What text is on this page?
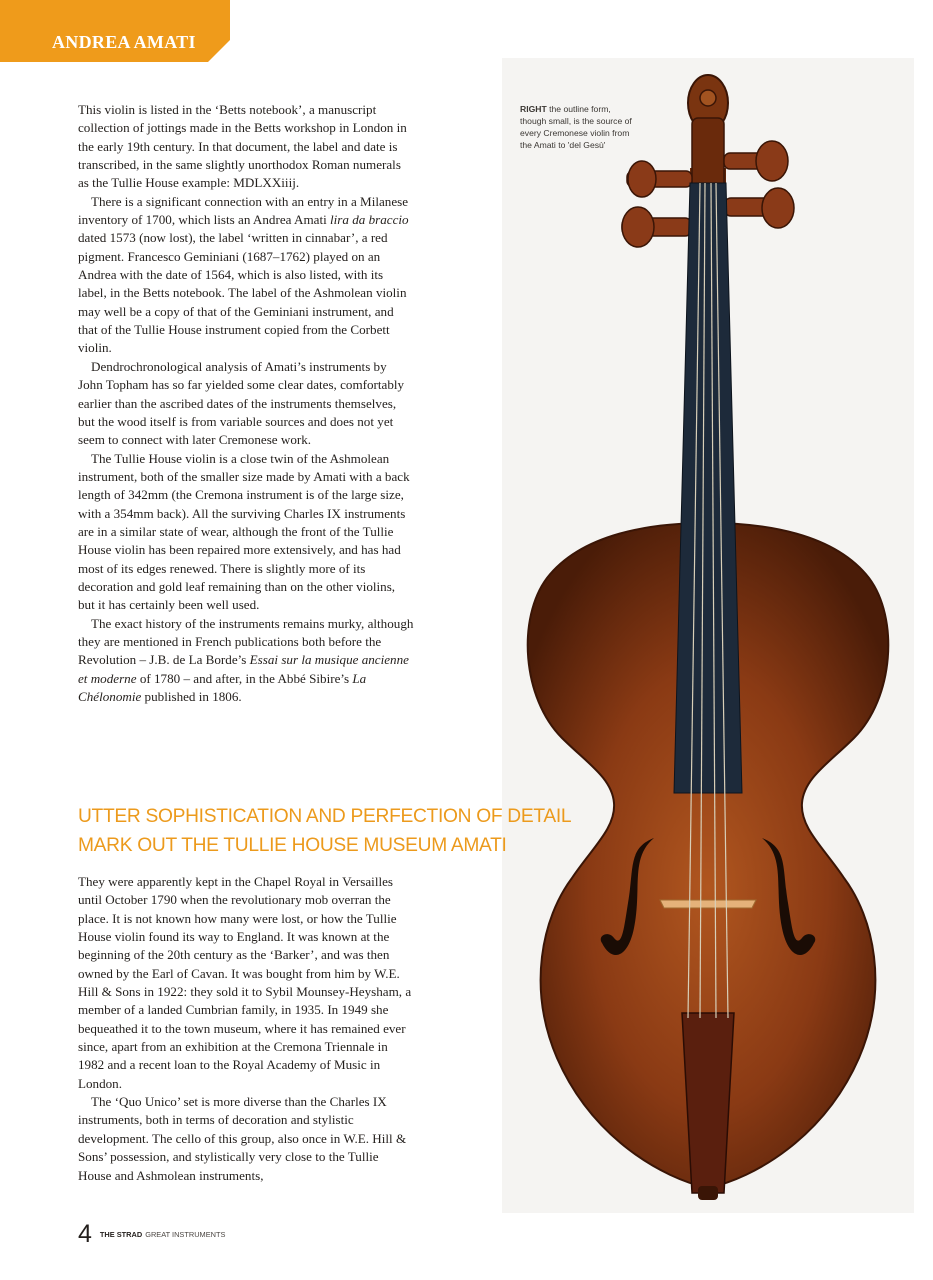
ANDREA AMATI
RIGHT the outline form, though small, is the source of every Cremonese violin from the Amati to 'del Gesù'

This violin is listed in the ‘Betts notebook’, a manuscript collection of jottings made in the Betts workshop in London in the early 19th century. In that document, the label and date is transcribed, in the same slightly unorthodox Roman numerals as the Tullie House example: MDLXXiiij.

There is a significant connection with an entry in a Milanese inventory of 1700, which lists an Andrea Amati lira da braccio dated 1573 (now lost), the label ‘written in cinnabar’, a red pigment. Francesco Geminiani (1687–1762) played on an Andrea with the date of 1564, which is also listed, with its label, in the Betts notebook. The label of the Ashmolean violin may well be a copy of that of the Geminiani instrument, and that of the Tullie House instrument copied from the Corbett violin.

Dendrochronological analysis of Amati’s instruments by John Topham has so far yielded some clear dates, comfortably earlier than the ascribed dates of the instruments themselves, but the wood itself is from variable sources and does not yet seem to connect with later Cremonese work.

The Tullie House violin is a close twin of the Ashmolean instrument, both of the smaller size made by Amati with a back length of 342mm (the Cremona instrument is of the large size, with a 354mm back). All the surviving Charles IX instruments are in a similar state of wear, although the front of the Tullie House violin has been repaired more extensively, and has had most of its edges renewed. There is slightly more of its decoration and gold leaf remaining than on the other violins, but it has certainly been well used.

The exact history of the instruments remains murky, although they are mentioned in French publications both before the Revolution – J.B. de La Borde’s Essai sur la musique ancienne et moderne of 1780 – and after, in the Abbé Sibire’s La Chélonomie published in 1806.

UTTER SOPHISTICATION AND PERFECTION OF DETAIL
MARK OUT THE TULLIE HOUSE MUSEUM AMATI

They were apparently kept in the Chapel Royal in Versailles until October 1790 when the revolutionary mob overran the place. It is not known how many were lost, or how the Tullie House violin found its way to England. It was known at the beginning of the 20th century as the ‘Barker’, and was then owned by the Earl of Cavan. It was bought from him by W.E. Hill & Sons in 1922: they sold it to Sybil Mounsey-Heysham, a member of a landed Cumbrian family, in 1935. In 1949 she bequeathed it to the town museum, where it has remained ever since, apart from an exhibition at the Cremona Triennale in 1982 and a recent loan to the Royal Academy of Music in London.

The ‘Quo Unico’ set is more diverse than the Charles IX instruments, both in terms of decoration and stylistic development. The cello of this group, also once in W.E. Hill & Sons’ possession, and stylistically very close to the Tullie House and Ashmolean instruments,

4 THE STRAD GREAT INSTRUMENTS
